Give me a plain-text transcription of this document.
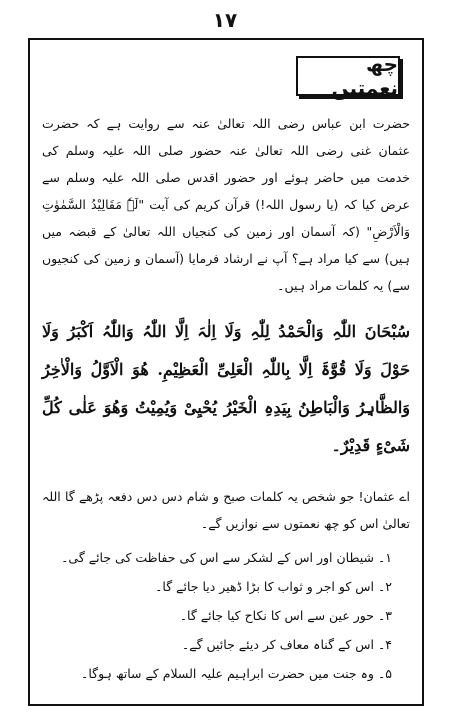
۱۷
چھ نعمتیں

حضرت ابن عباس رضی اللہ تعالیٰ عنہ سے روایت ہے کہ حضرت عثمان غنی رضی اللہ تعالیٰ عنہ حضور صلی اللہ علیہ وسلم کی خدمت میں حاضر ہوئے اور حضور اقدس صلی اللہ علیہ وسلم سے عرض کیا کہ (یا رسول اللہ!) قرآن کریم کی آیت "لَہٗ مَقَالِیْدُ السَّمٰوٰتِ وَالْاَرْضِ" (کہ آسمان اور زمین کی کنجیاں اللہ تعالیٰ کے قبضہ میں ہیں) سے کیا مراد ہے؟ آپ نے ارشاد فرمایا (آسمان و زمین کی کنجیوں سے) یہ کلمات مراد ہیں۔

سُبْحَانَ اللّٰہِ وَالْحَمْدُ لِلّٰہِ وَلَا اِلٰہَ اِلَّا اللّٰہُ وَاللّٰہُ اَکْبَرُ وَلَا حَوْلَ وَلَا قُوَّۃَ اِلَّا بِاللّٰہِ الْعَلِیِّ الْعَظِیْمِ. ھُوَ الْاَوَّلُ وَالْاٰخِرُ وَالظَّاہِرُ وَالْبَاطِنُ بِیَدِہِ الْخَیْرُ یُحْیِیْ وَیُمِیْتُ وَھُوَ عَلٰی کُلِّ شَیْءٍ قَدِیْرٌ۔

اے عثمان! جو شخص یہ کلمات صبح و شام دس دس دفعہ پڑھے گا اللہ تعالیٰ اس کو چھ نعمتوں سے نوازیں گے۔

۱۔ شیطان اور اس کے لشکر سے اس کی حفاظت کی جائے گی۔
۲۔ اس کو اجر و ثواب کا بڑا ڈھیر دیا جائے گا۔
۳۔ حور عین سے اس کا نکاح کیا جائے گا۔
۴۔ اس کے گناہ معاف کر دیئے جائیں گے۔
۵۔ وہ جنت میں حضرت ابراہیم علیہ السلام کے ساتھ ہوگا۔
